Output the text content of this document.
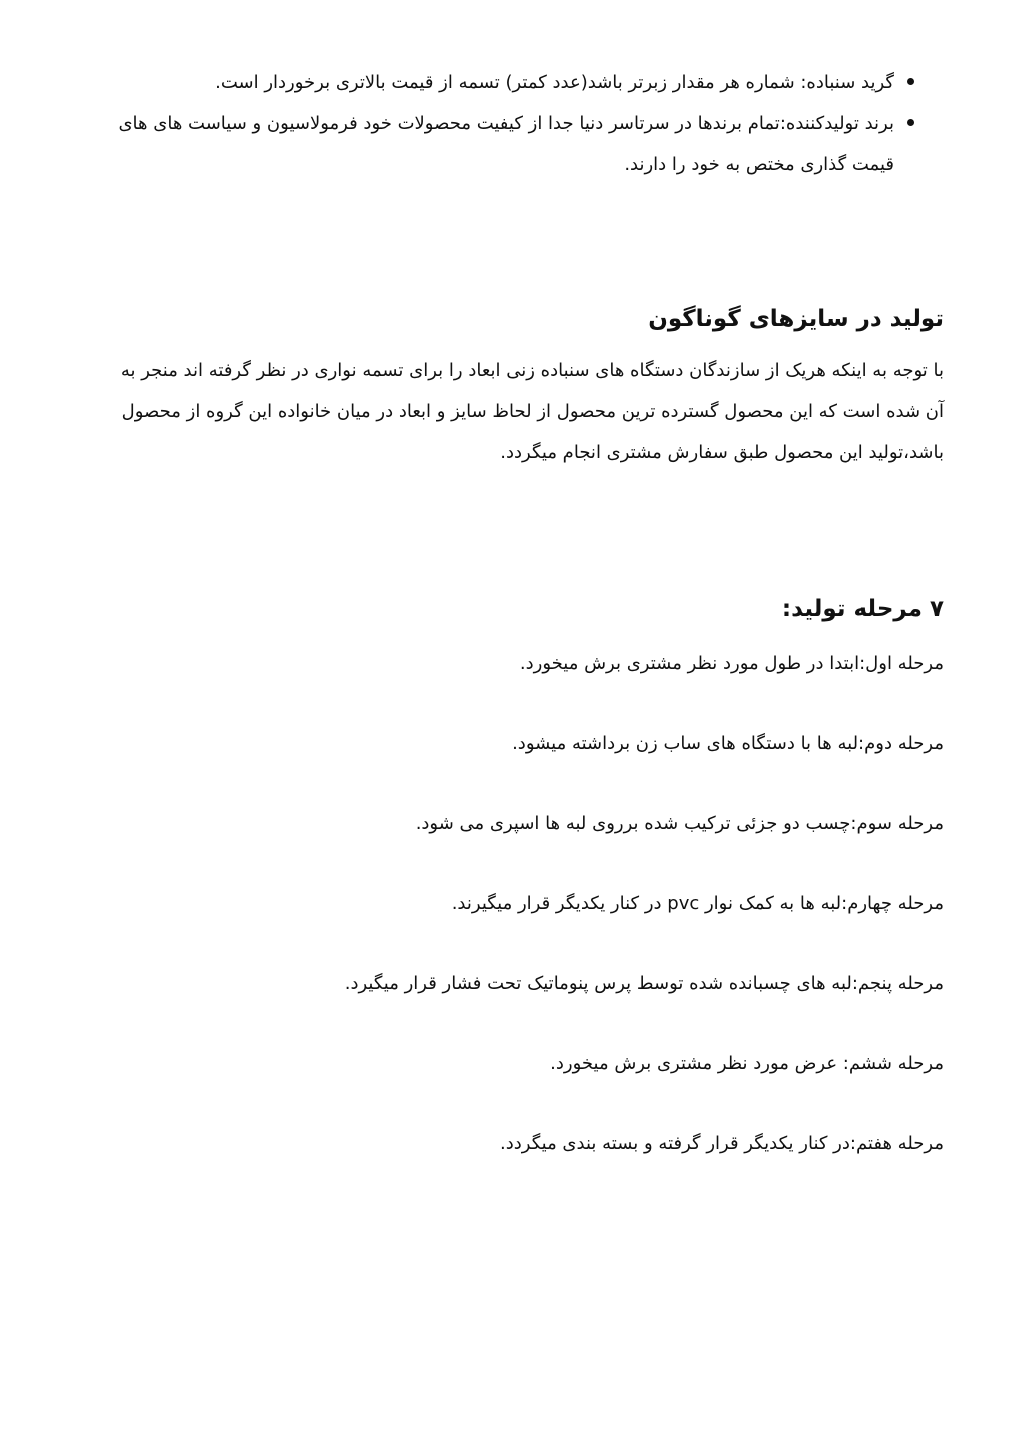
گرید سنباده: شماره هر مقدار زبرتر باشد(عدد کمتر) تسمه از قیمت بالاتری برخوردار است.
برند تولیدکننده:تمام برندها در سرتاسر دنیا جدا از کیفیت محصولات خود فرمولاسیون و سیاست های های قیمت گذاری مختص به خود را دارند.
تولید در سایزهای گوناگون

با توجه به اینکه هریک از سازندگان دستگاه های سنباده زنی ابعاد را برای تسمه نواری در نظر گرفته اند منجر به آن شده است که این محصول گسترده ترین محصول از لحاظ سایز و ابعاد در میان خانواده این گروه از محصول باشد،تولید این محصول طبق سفارش مشتری انجام میگردد.

۷ مرحله تولید:

مرحله اول:ابتدا در طول مورد نظر مشتری برش میخورد.

مرحله دوم:لبه ها با دستگاه های ساب زن برداشته میشود.

مرحله سوم:چسب دو جزئی ترکیب شده برروی لبه ها اسپری می شود.

مرحله چهارم:لبه ها به کمک نوار pvc در کنار یکدیگر قرار میگیرند.

مرحله پنجم:لبه های چسبانده شده توسط پرس پنوماتیک تحت فشار قرار میگیرد.

مرحله ششم: عرض مورد نظر مشتری برش میخورد.

مرحله هفتم:در کنار یکدیگر قرار گرفته و بسته بندی میگردد.
